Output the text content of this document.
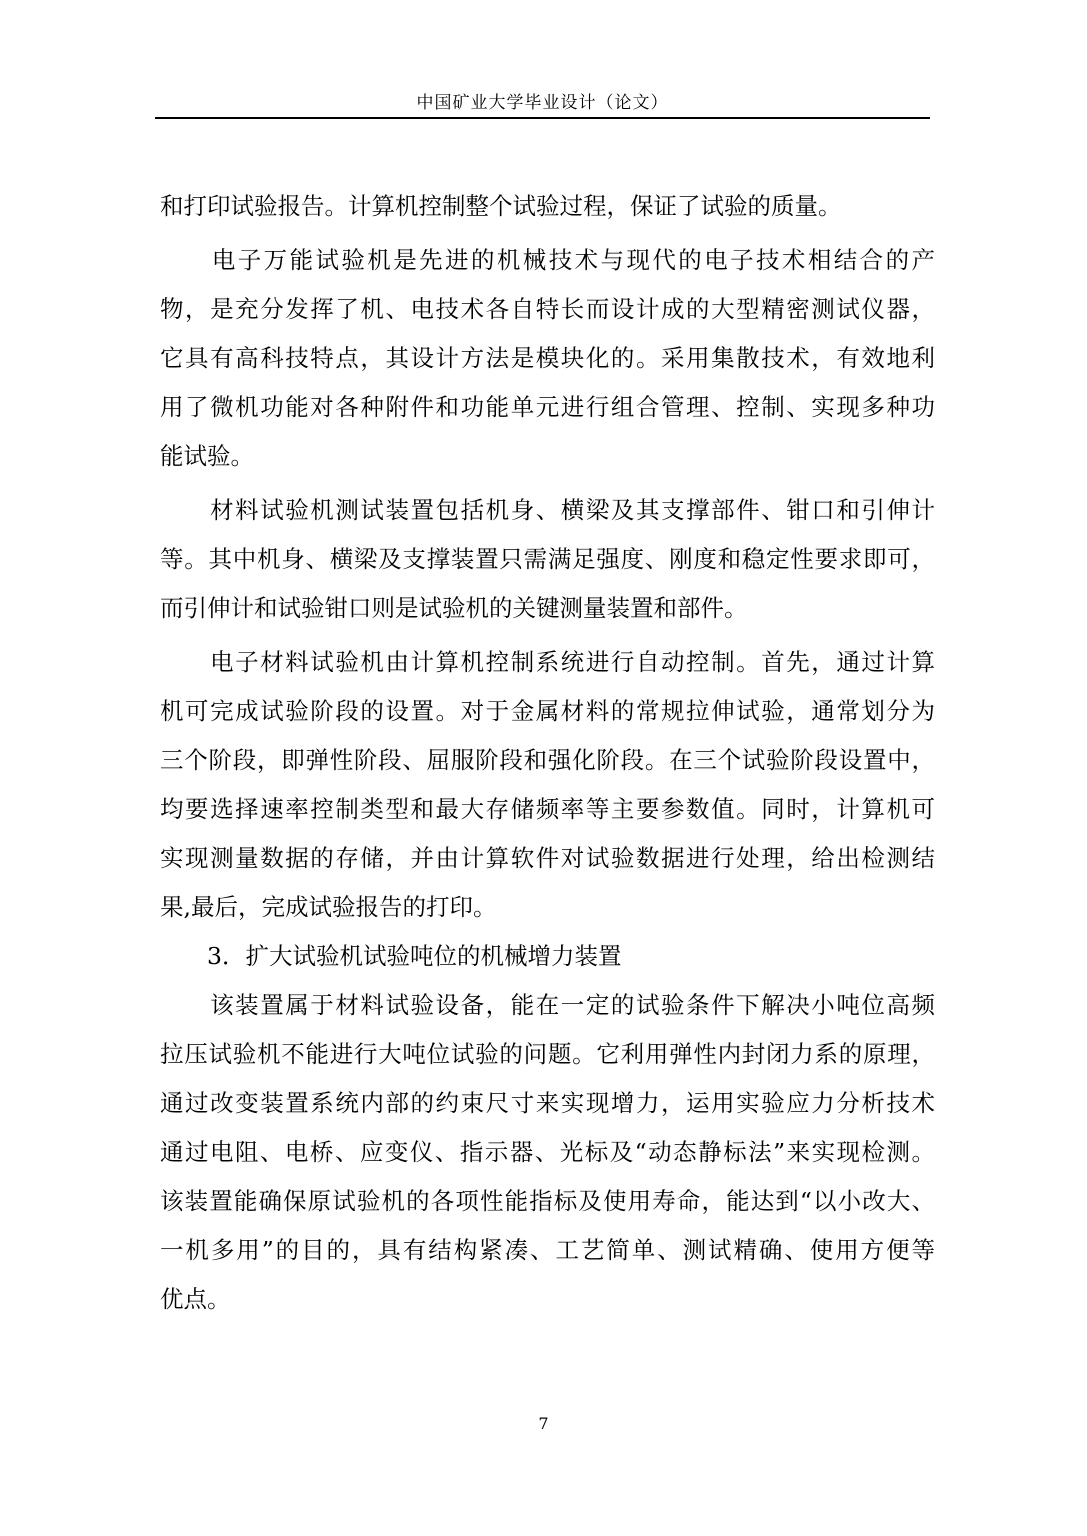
中国矿业大学毕业设计（论文）
和打印试验报告。计算机控制整个试验过程，保证了试验的质量。
　　电子万能试验机是先进的机械技术与现代的电子技术相结合的产
物，是充分发挥了机、电技术各自特长而设计成的大型精密测试仪器，
它具有高科技特点，其设计方法是模块化的。采用集散技术，有效地利
用了微机功能对各种附件和功能单元进行组合管理、控制、实现多种功
能试验。
　　材料试验机测试装置包括机身、横梁及其支撑部件、钳口和引伸计
等。其中机身、横梁及支撑装置只需满足强度、刚度和稳定性要求即可，
而引伸计和试验钳口则是试验机的关键测量装置和部件。
　　电子材料试验机由计算机控制系统进行自动控制。首先，通过计算
机可完成试验阶段的设置。对于金属材料的常规拉伸试验，通常划分为
三个阶段，即弹性阶段、屈服阶段和强化阶段。在三个试验阶段设置中，
均要选择速率控制类型和最大存储频率等主要参数值。同时，计算机可
实现测量数据的存储，并由计算软件对试验数据进行处理，给出检测结
果,最后，完成试验报告的打印。
　　3．扩大试验机试验吨位的机械增力装置
　　该装置属于材料试验设备，能在一定的试验条件下解决小吨位高频
拉压试验机不能进行大吨位试验的问题。它利用弹性内封闭力系的原理，
通过改变装置系统内部的约束尺寸来实现增力，运用实验应力分析技术
通过电阻、电桥、应变仪、指示器、光标及“动态静标法”来实现检测。
该装置能确保原试验机的各项性能指标及使用寿命，能达到“以小改大、
一机多用”的目的，具有结构紧凑、工艺简单、测试精确、使用方便等
优点。
7
